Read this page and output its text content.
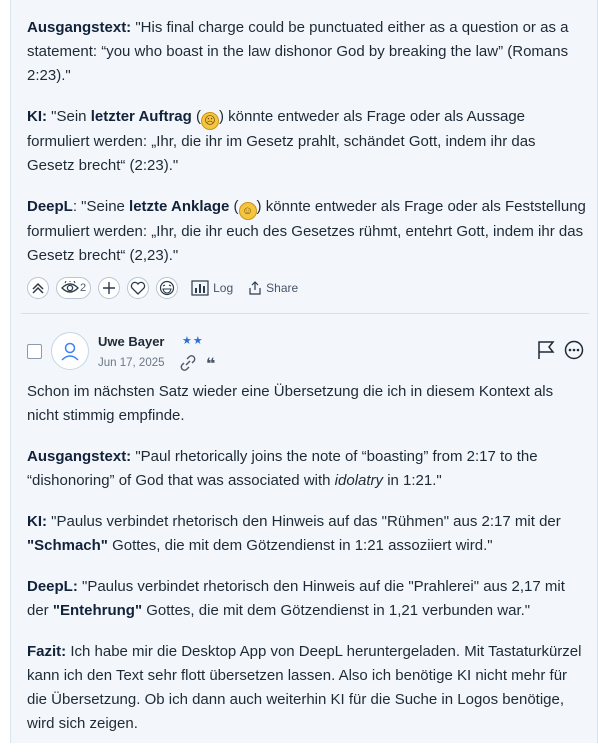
Ausgangstext: "His final charge could be punctuated either as a question or as a statement: “you who boast in the law dishonor God by breaking the law” (Romans 2:23)."

KI: "Sein letzter Auftrag ( ☹ ) könnte entweder als Frage oder als Aussage formuliert werden: „Ihr, die ihr im Gesetz prahlt, schändet Gott, indem ihr das Gesetz brecht“ (2:23)."

DeepL: "Seine letzte Anklage ( ☺ ) könnte entweder als Frage oder als Feststellung formuliert werden: „Ihr, die ihr euch des Gesetzes rühmt, entehrt Gott, indem ihr das Gesetz brecht“ (2,23)."

2	Log	Share
Uwe Bayer ★★
Jun 17, 2025	❝

Schon im nächsten Satz wieder eine Übersetzung die ich in diesem Kontext als nicht stimmig empfinde.

Ausgangstext: "Paul rhetorically joins the note of “boasting” from 2:17 to the “dishonoring” of God that was associated with idolatry in 1:21."

KI: "Paulus verbindet rhetorisch den Hinweis auf das "Rühmen" aus 2:17 mit der "Schmach" Gottes, die mit dem Götzendienst in 1:21 assoziiert wird."

DeepL: "Paulus verbindet rhetorisch den Hinweis auf die "Prahlerei" aus 2,17 mit der "Entehrung" Gottes, die mit dem Götzendienst in 1,21 verbunden war."

Fazit: Ich habe mir die Desktop App von DeepL heruntergeladen. Mit Tastaturkürzel kann ich den Text sehr flott übersetzen lassen. Also ich benötige KI nicht mehr für die Übersetzung. Ob ich dann auch weiterhin KI für die Suche in Logos benötige, wird sich zeigen.
